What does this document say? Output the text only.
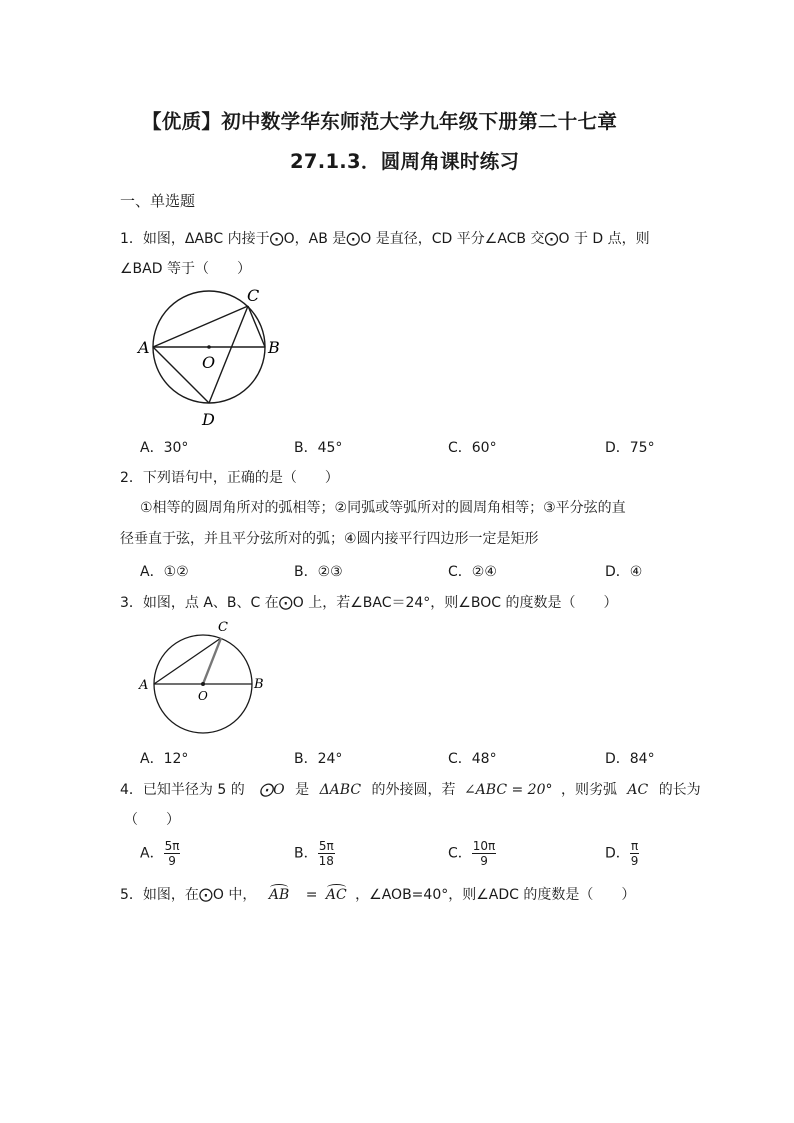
【优质】初中数学华东师范大学九年级下册第二十七章
27.1.3．圆周角课时练习
一、单选题
1．如图，ΔABC 内接于⨀O，AB 是⨀O 是直径，CD 平分∠ACB 交⨀O 于 D 点，则
∠BAD 等于（　　）
A	B
C
D
O
A．30°	B．45°	C．60°	D．75°
2．下列语句中，正确的是（　　）
①相等的圆周角所对的弧相等；②同弧或等弧所对的圆周角相等；③平分弦的直
径垂直于弦，并且平分弦所对的弧；④圆内接平行四边形一定是矩形
A．①②	B．②③	C．②④	D．④
3．如图，点 A、B、C 在⨀O 上，若∠BAC＝24°，则∠BOC 的度数是（　　）
A	B
C
O
A．12°	B．24°	C．48°	D．84°
4．已知半径为 5 的 ⨀O 是 ΔABC 的外接圆，若 ∠ABC = 20° ，则劣弧 AC 的长为
（　　）
A． $\frac{5\pi}{9}$	B． $\frac{5\pi}{18}$	C． $\frac{10\pi}{9}$	D． $\frac{\pi}{9}$
5．如图，在⨀O 中， AB = AC ，∠AOB=40°，则∠ADC 的度数是（　　）
